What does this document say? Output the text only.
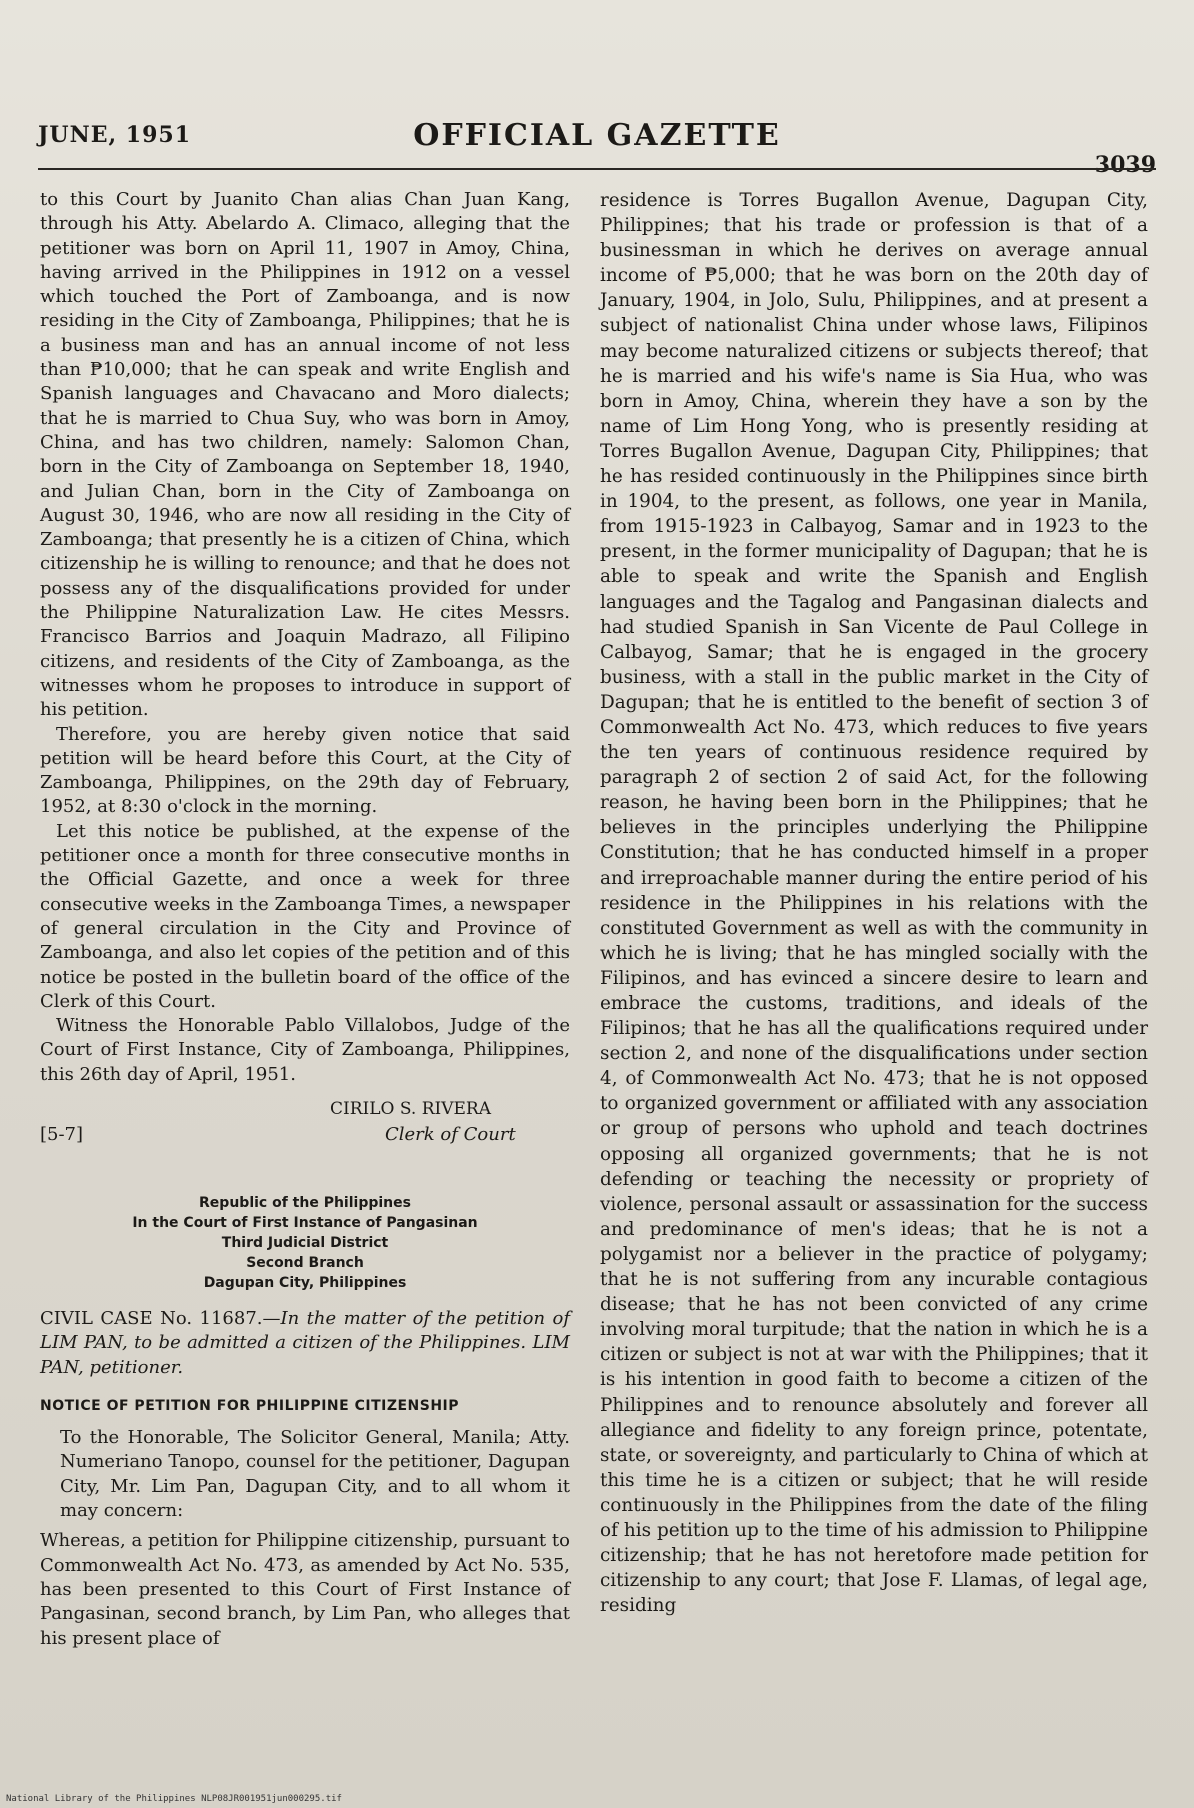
JUNE, 1951	OFFICIAL GAZETTE
3039

to this Court by Juanito Chan alias Chan Juan Kang, through his Atty. Abelardo A. Climaco, alleging that the petitioner was born on April 11, 1907 in Amoy, China, having arrived in the Philippines in 1912 on a vessel which touched the Port of Zamboanga, and is now residing in the City of Zamboanga, Philippines; that he is a business man and has an annual income of not less than ₱10,000; that he can speak and write English and Spanish languages and Chavacano and Moro dialects; that he is married to Chua Suy, who was born in Amoy, China, and has two children, namely: Salomon Chan, born in the City of Zamboanga on September 18, 1940, and Julian Chan, born in the City of Zamboanga on August 30, 1946, who are now all residing in the City of Zamboanga; that presently he is a citizen of China, which citizenship he is willing to renounce; and that he does not possess any of the disqualifications provided for under the Philippine Naturalization Law. He cites Messrs. Francisco Barrios and Joaquin Madrazo, all Filipino citizens, and residents of the City of Zamboanga, as the witnesses whom he proposes to introduce in support of his petition.

Therefore, you are hereby given notice that said petition will be heard before this Court, at the City of Zamboanga, Philippines, on the 29th day of February, 1952, at 8:30 o'clock in the morning.

Let this notice be published, at the expense of the petitioner once a month for three consecutive months in the Official Gazette, and once a week for three consecutive weeks in the Zamboanga Times, a newspaper of general circulation in the City and Province of Zamboanga, and also let copies of the petition and of this notice be posted in the bulletin board of the office of the Clerk of this Court.

Witness the Honorable Pablo Villalobos, Judge of the Court of First Instance, City of Zamboanga, Philippines, this 26th day of April, 1951.

CIRILO S. RIVERA
Clerk of Court
[5-7]
Republic of the Philippines
In the Court of First Instance of Pangasinan
Third Judicial District
Second Branch
Dagupan City, Philippines

CIVIL CASE No. 11687.—In the matter of the petition of LIM PAN, to be admitted a citizen of the Philippines. LIM PAN, petitioner.

NOTICE OF PETITION FOR PHILIPPINE CITIZENSHIP

To the Honorable, The Solicitor General, Manila; Atty. Numeriano Tanopo, counsel for the petitioner, Dagupan City, Mr. Lim Pan, Dagupan City, and to all whom it may concern:

Whereas, a petition for Philippine citizenship, pursuant to Commonwealth Act No. 473, as amended by Act No. 535, has been presented to this Court of First Instance of Pangasinan, second branch, by Lim Pan, who alleges that his present place of

residence is Torres Bugallon Avenue, Dagupan City, Philippines; that his trade or profession is that of a businessman in which he derives on average annual income of ₱5,000; that he was born on the 20th day of January, 1904, in Jolo, Sulu, Philippines, and at present a subject of nationalist China under whose laws, Filipinos may become naturalized citizens or subjects thereof; that he is married and his wife's name is Sia Hua, who was born in Amoy, China, wherein they have a son by the name of Lim Hong Yong, who is presently residing at Torres Bugallon Avenue, Dagupan City, Philippines; that he has resided continuously in the Philippines since birth in 1904, to the present, as follows, one year in Manila, from 1915-1923 in Calbayog, Samar and in 1923 to the present, in the former municipality of Dagupan; that he is able to speak and write the Spanish and English languages and the Tagalog and Pangasinan dialects and had studied Spanish in San Vicente de Paul College in Calbayog, Samar; that he is engaged in the grocery business, with a stall in the public market in the City of Dagupan; that he is entitled to the benefit of section 3 of Commonwealth Act No. 473, which reduces to five years the ten years of continuous residence required by paragraph 2 of section 2 of said Act, for the following reason, he having been born in the Philippines; that he believes in the principles underlying the Philippine Constitution; that he has conducted himself in a proper and irreproachable manner during the entire period of his residence in the Philippines in his relations with the constituted Government as well as with the community in which he is living; that he has mingled socially with the Filipinos, and has evinced a sincere desire to learn and embrace the customs, traditions, and ideals of the Filipinos; that he has all the qualifications required under section 2, and none of the disqualifications under section 4, of Commonwealth Act No. 473; that he is not opposed to organized government or affiliated with any association or group of persons who uphold and teach doctrines opposing all organized governments; that he is not defending or teaching the necessity or propriety of violence, personal assault or assassination for the success and predominance of men's ideas; that he is not a polygamist nor a believer in the practice of polygamy; that he is not suffering from any incurable contagious disease; that he has not been convicted of any crime involving moral turpitude; that the nation in which he is a citizen or subject is not at war with the Philippines; that it is his intention in good faith to become a citizen of the Philippines and to renounce absolutely and forever all allegiance and fidelity to any foreign prince, potentate, state, or sovereignty, and particularly to China of which at this time he is a citizen or subject; that he will reside continuously in the Philippines from the date of the filing of his petition up to the time of his admission to Philippine citizenship; that he has not heretofore made petition for citizenship to any court; that Jose F. Llamas, of legal age, residing

National Library of the Philippines NLP08JR001951jun000295.tif
